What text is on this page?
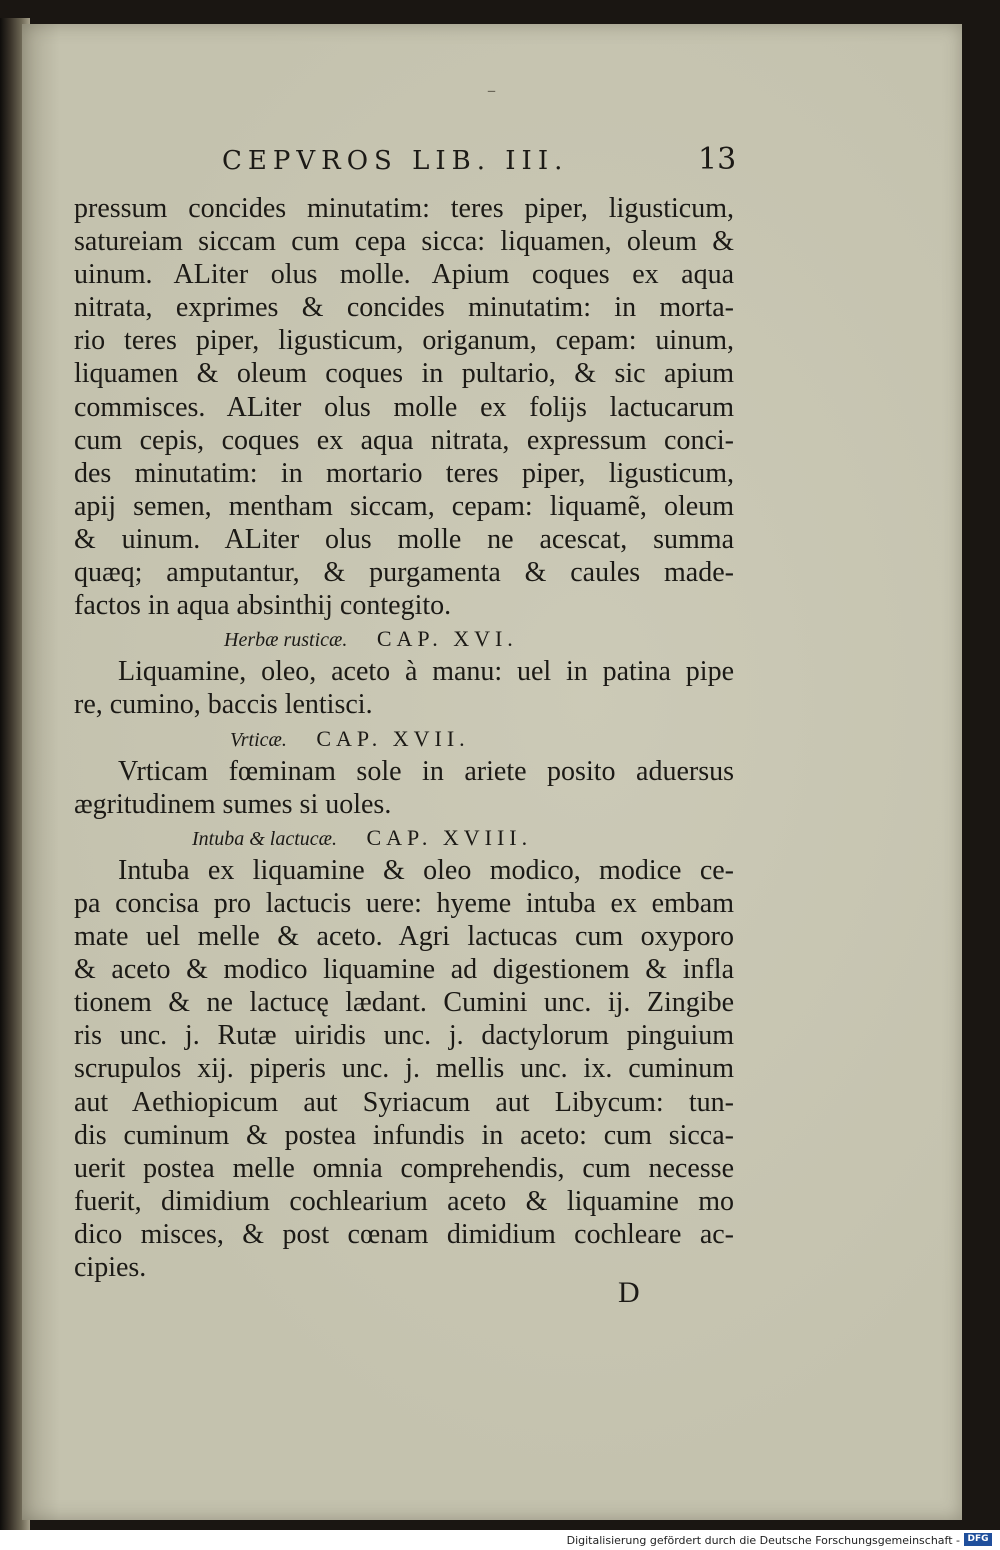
–
CEPVROS LIB. III.	13
pressum concides minutatim: teres piper, ligusticum,
satureiam siccam cum cepa sicca: liquamen, oleum &
uinum. ALiter olus molle. Apium coques ex aqua
nitrata, exprimes & concides minutatim: in morta-
rio teres piper, ligusticum, origanum, cepam: uinum,
liquamen & oleum coques in pultario, & sic apium
commisces. ALiter olus molle ex folijs lactucarum
cum cepis, coques ex aqua nitrata, expressum conci-
des minutatim: in mortario teres piper, ligusticum,
apij semen, mentham siccam, cepam: liquamẽ, oleum
& uinum. ALiter olus molle ne acescat, summa
quæq; amputantur, & purgamenta & caules made-
factos in aqua absinthij contegito.
Herbæ rusticæ. CAP. XVI.
Liquamine, oleo, aceto à manu: uel in patina pipe
re, cumino, baccis lentisci.
Vrticæ. CAP. XVII.
Vrticam fœminam sole in ariete posito aduersus
ægritudinem sumes si uoles.
Intuba & lactucæ. CAP. XVIII.
Intuba ex liquamine & oleo modico, modice ce-
pa concisa pro lactucis uere: hyeme intuba ex embam
mate uel melle & aceto. Agri lactucas cum oxyporo
& aceto & modico liquamine ad digestionem & infla
tionem & ne lactucę lædant. Cumini unc. ij. Zingibe
ris unc. j. Rutæ uiridis unc. j. dactylorum pinguium
scrupulos xij. piperis unc. j. mellis unc. ix. cuminum
aut Aethiopicum aut Syriacum aut Libycum: tun-
dis cuminum & postea infundis in aceto: cum sicca-
uerit postea melle omnia comprehendis, cum necesse
fuerit, dimidium cochlearium aceto & liquamine mo
dico misces, & post cœnam dimidium cochleare ac-
cipies.
D
Digitalisierung gefördert durch die Deutsche Forschungsgemeinschaft - DFG
